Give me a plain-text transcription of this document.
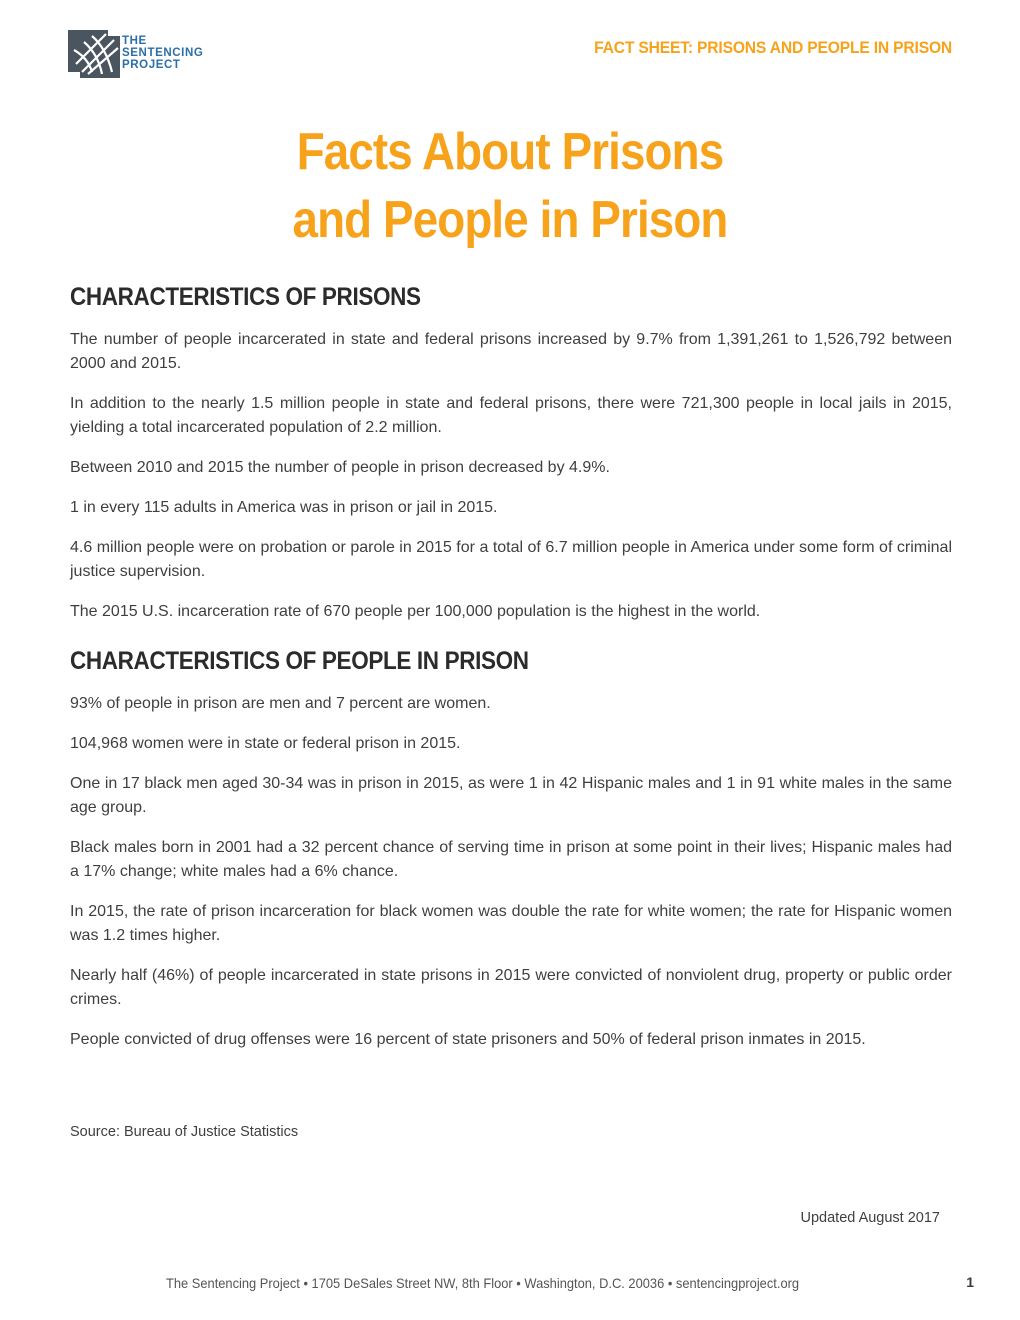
THE
SENTENCING
PROJECT
FACT SHEET: PRISONS AND PEOPLE IN PRISON
Facts About Prisons
and People in Prison
CHARACTERISTICS OF PRISONS

The number of people incarcerated in state and federal prisons increased by 9.7% from 1,391,261 to 1,526,792 between 2000 and 2015.

In addition to the nearly 1.5 million people in state and federal prisons, there were 721,300 people in local jails in 2015, yielding a total incarcerated population of 2.2 million.

Between 2010 and 2015 the number of people in prison decreased by 4.9%.

1 in every 115 adults in America was in prison or jail in 2015.

4.6 million people were on probation or parole in 2015 for a total of 6.7 million people in America under some form of criminal justice supervision.

The 2015 U.S. incarceration rate of 670 people per 100,000 population is the highest in the world.

CHARACTERISTICS OF PEOPLE IN PRISON

93% of people in prison are men and 7 percent are women.

104,968 women were in state or federal prison in 2015.

One in 17 black men aged 30-34 was in prison in 2015, as were 1 in 42 Hispanic males and 1 in 91 white males in the same age group.

Black males born in 2001 had a 32 percent chance of serving time in prison at some point in their lives; Hispanic males had a 17% change; white males had a 6% chance.

In 2015, the rate of prison incarceration for black women was double the rate for white women; the rate for Hispanic women was 1.2 times higher.

Nearly half (46%) of people incarcerated in state prisons in 2015 were convicted of nonviolent drug, property or public order crimes.

People convicted of drug offenses were 16 percent of state prisoners and 50% of federal prison inmates in 2015.

Source: Bureau of Justice Statistics
Updated August 2017
The Sentencing Project • 1705 DeSales Street NW, 8th Floor • Washington, D.C. 20036 • sentencingproject.org	1
